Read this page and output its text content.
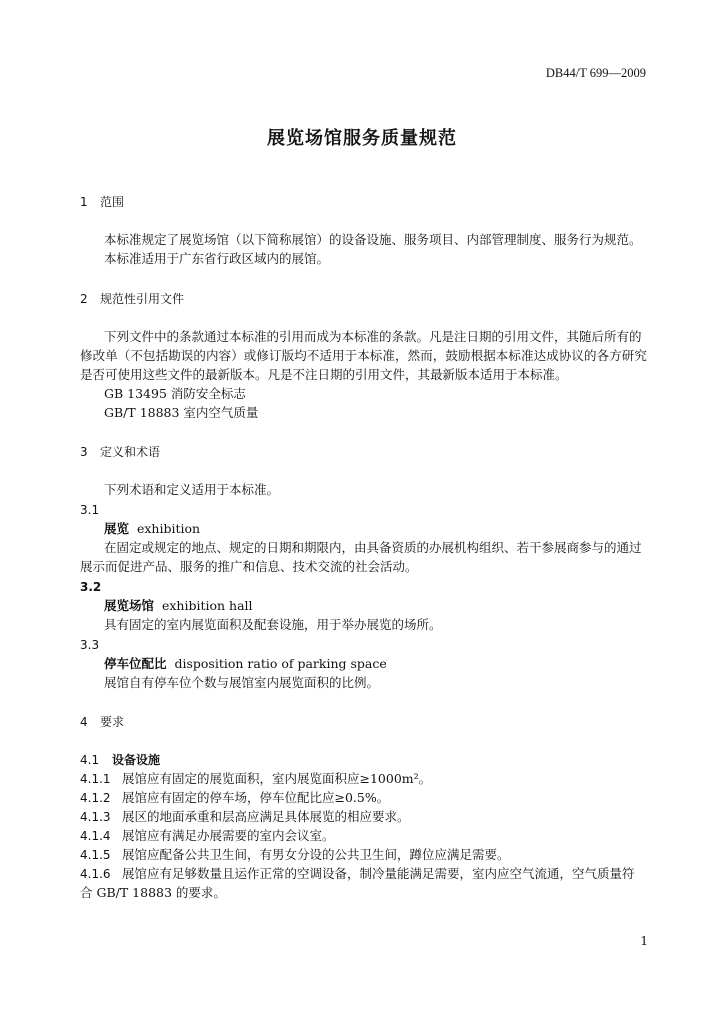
DB44/T 699—2009
展览场馆服务质量规范
1 范围
本标准规定了展览场馆（以下简称展馆）的设备设施、服务项目、内部管理制度、服务行为规范。
本标准适用于广东省行政区域内的展馆。
2 规范性引用文件
下列文件中的条款通过本标准的引用而成为本标准的条款。凡是注日期的引用文件，其随后所有的
修改单（不包括勘误的内容）或修订版均不适用于本标准，然而，鼓励根据本标准达成协议的各方研究
是否可使用这些文件的最新版本。凡是不注日期的引用文件，其最新版本适用于本标准。
GB 13495 消防安全标志
GB/T 18883 室内空气质量
3 定义和术语
下列术语和定义适用于本标准。
3.1
展览 exhibition
在固定或规定的地点、规定的日期和期限内，由具备资质的办展机构组织、若干参展商参与的通过
展示而促进产品、服务的推广和信息、技术交流的社会活动。
3.2
展览场馆 exhibition hall
具有固定的室内展览面积及配套设施，用于举办展览的场所。
3.3
停车位配比 disposition ratio of parking space
展馆自有停车位个数与展馆室内展览面积的比例。
4 要求
4.1 设备设施
4.1.1 展馆应有固定的展览面积，室内展览面积应≥1000m²。
4.1.2 展馆应有固定的停车场，停车位配比应≥0.5%。
4.1.3 展区的地面承重和层高应满足具体展览的相应要求。
4.1.4 展馆应有满足办展需要的室内会议室。
4.1.5 展馆应配备公共卫生间，有男女分设的公共卫生间，蹲位应满足需要。
4.1.6 展馆应有足够数量且运作正常的空调设备，制冷量能满足需要，室内应空气流通，空气质量符
合 GB/T 18883 的要求。
1
